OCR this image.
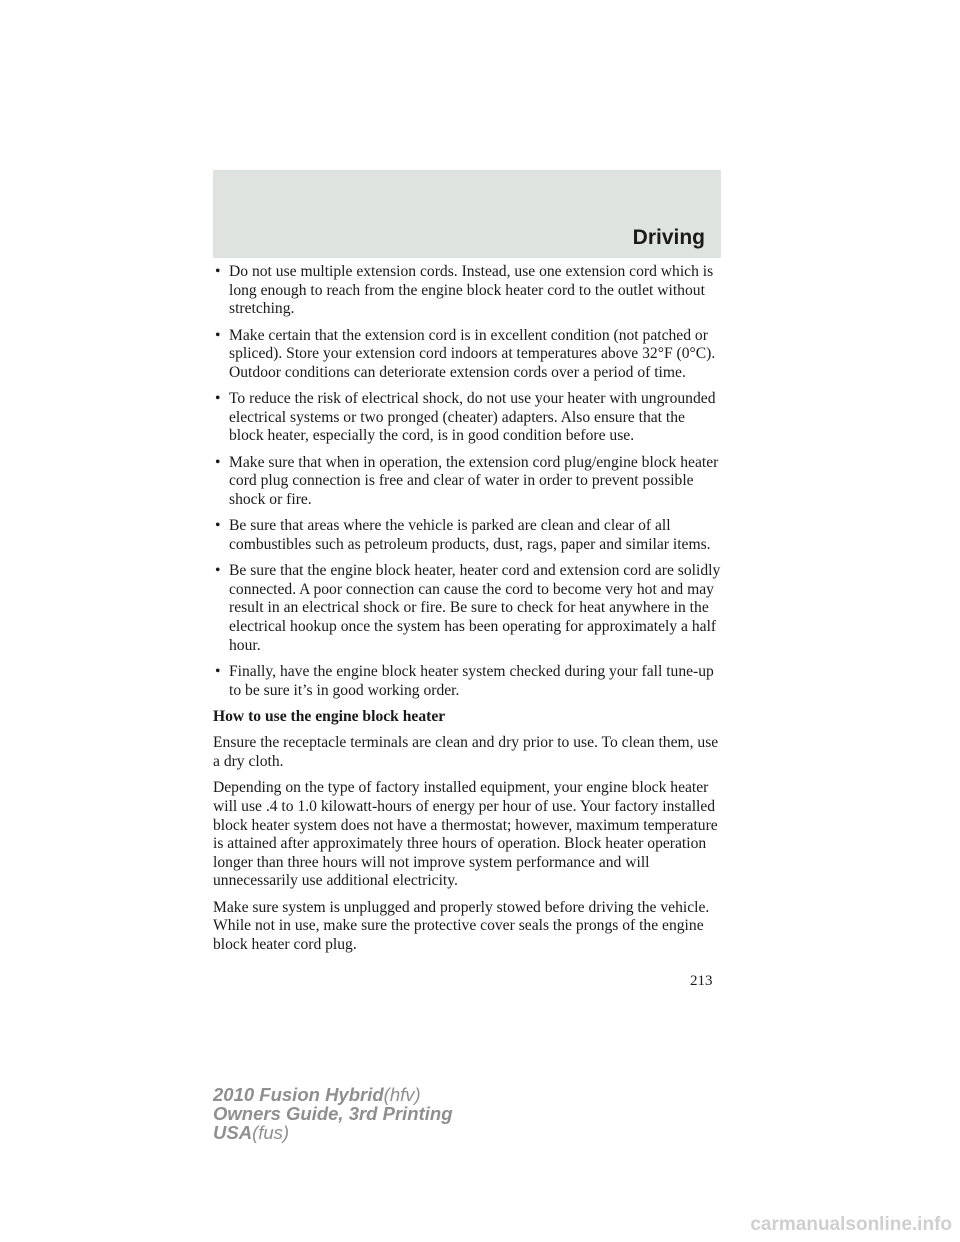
Driving
• Do not use multiple extension cords. Instead, use one extension cord which is long enough to reach from the engine block heater cord to the outlet without stretching.
• Make certain that the extension cord is in excellent condition (not patched or spliced). Store your extension cord indoors at temperatures above 32°F (0°C). Outdoor conditions can deteriorate extension cords over a period of time.
• To reduce the risk of electrical shock, do not use your heater with ungrounded electrical systems or two pronged (cheater) adapters. Also ensure that the block heater, especially the cord, is in good condition before use.
• Make sure that when in operation, the extension cord plug/engine block heater cord plug connection is free and clear of water in order to prevent possible shock or fire.
• Be sure that areas where the vehicle is parked are clean and clear of all combustibles such as petroleum products, dust, rags, paper and similar items.
• Be sure that the engine block heater, heater cord and extension cord are solidly connected. A poor connection can cause the cord to become very hot and may result in an electrical shock or fire. Be sure to check for heat anywhere in the electrical hookup once the system has been operating for approximately a half hour.
• Finally, have the engine block heater system checked during your fall tune-up to be sure it’s in good working order.

How to use the engine block heater

Ensure the receptacle terminals are clean and dry prior to use. To clean them, use a dry cloth.

Depending on the type of factory installed equipment, your engine block heater will use .4 to 1.0 kilowatt-hours of energy per hour of use. Your factory installed block heater system does not have a thermostat; however, maximum temperature is attained after approximately three hours of operation. Block heater operation longer than three hours will not improve system performance and will unnecessarily use additional electricity.

Make sure system is unplugged and properly stowed before driving the vehicle. While not in use, make sure the protective cover seals the prongs of the engine block heater cord plug.

213
2010 Fusion Hybrid(hfv)
Owners Guide, 3rd Printing
USA(fus)
carmanualsonline.info
